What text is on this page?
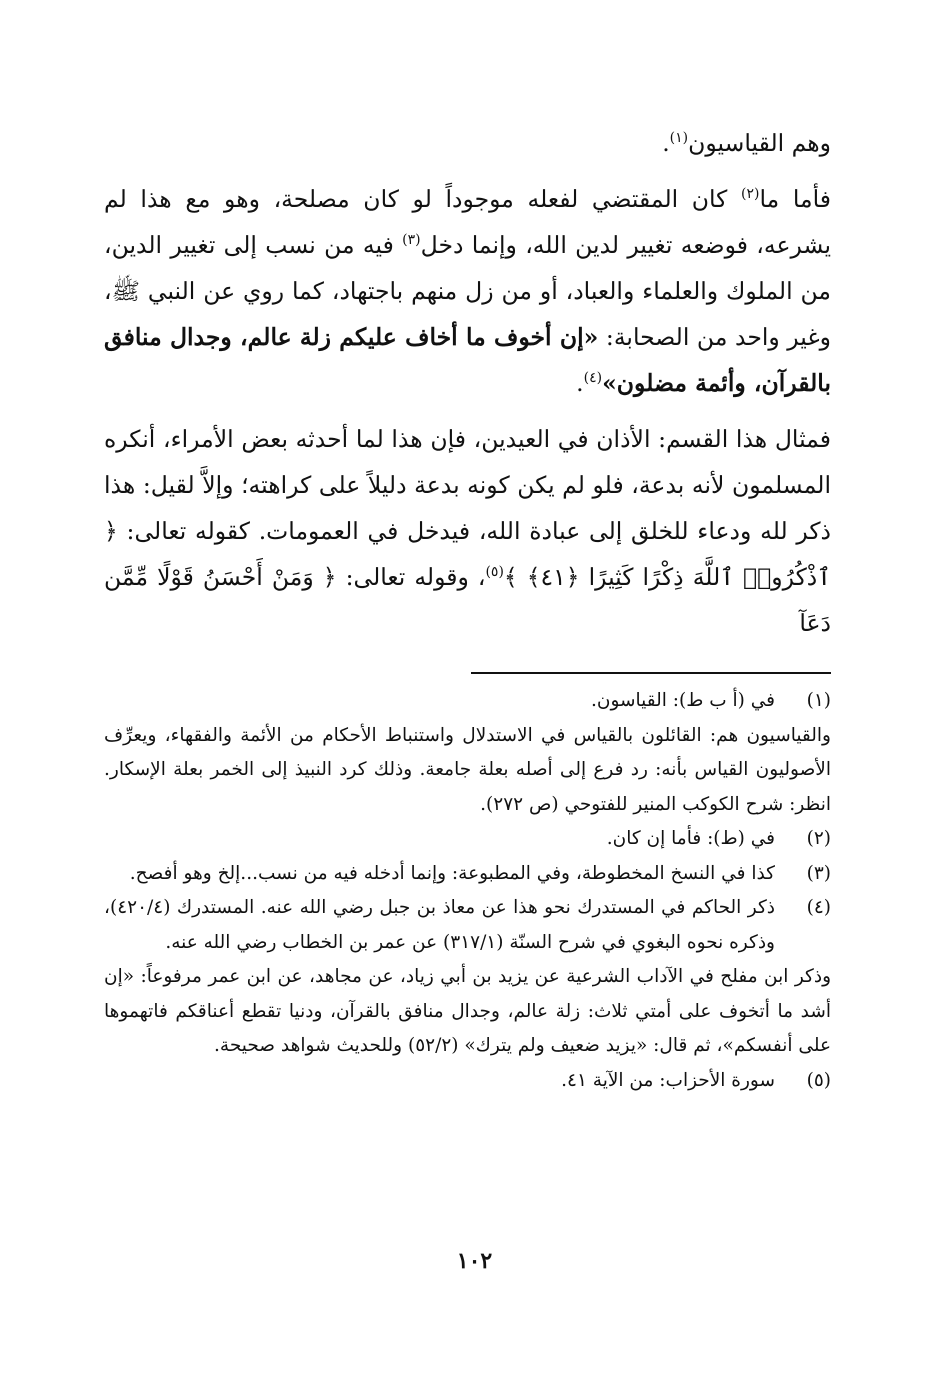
وهم القياسيون$^{(١)}$.

فأما ما$^{(٢)}$ كان المقتضي لفعله موجوداً لو كان مصلحة، وهو مع هذا لم يشرعه، فوضعه تغيير لدين الله، وإنما دخل$^{(٣)}$ فيه من نسب إلى تغيير الدين، من الملوك والعلماء والعباد، أو من زل منهم باجتهاد، كما روي عن النبي ﷺ، وغير واحد من الصحابة: «إن أخوف ما أخاف عليكم زلة عالم، وجدال منافق بالقرآن، وأئمة مضلون»$^{(٤)}$.

فمثال هذا القسم: الأذان في العيدين، فإن هذا لما أحدثه بعض الأمراء، أنكره المسلمون لأنه بدعة، فلو لم يكن كونه بدعة دليلاً على كراهته؛ وإلاَّ لقيل: هذا ذكر لله ودعاء للخلق إلى عبادة الله، فيدخل في العمومات. كقوله تعالى: ﴿ ٱذْكُرُوا۟ ٱللَّهَ ذِكْرًا كَثِيرًا ﴿٤١﴾ ﴾$^{(٥)}$، وقوله تعالى: ﴿ وَمَنْ أَحْسَنُ قَوْلًا مِّمَّن دَعَآ

(١)
في (أ ب ط): القياسون.

والقياسيون هم: القائلون بالقياس في الاستدلال واستنباط الأحكام من الأئمة والفقهاء، ويعرِّف الأصوليون القياس بأنه: رد فرع إلى أصله بعلة جامعة. وذلك كرد النبيذ إلى الخمر بعلة الإسكار. انظر: شرح الكوكب المنير للفتوحي (ص ٢٧٢).

(٢)
في (ط): فأما إن كان.
(٣)
كذا في النسخ المخطوطة، وفي المطبوعة: وإنما أدخله فيه من نسب...إلخ وهو أفصح.
(٤)
ذكر الحاكم في المستدرك نحو هذا عن معاذ بن جبل رضي الله عنه. المستدرك (٤٢٠/٤)، وذكره نحوه البغوي في شرح السنّة (٣١٧/١) عن عمر بن الخطاب رضي الله عنه.

وذكر ابن مفلح في الآداب الشرعية عن يزيد بن أبي زياد، عن مجاهد، عن ابن عمر مرفوعاً: «إن أشد ما أتخوف على أمتي ثلاث: زلة عالم، وجدال منافق بالقرآن، ودنيا تقطع أعناقكم فاتهموها على أنفسكم»، ثم قال: «يزيد ضعيف ولم يترك» (٥٢/٢) وللحديث شواهد صحيحة.

(٥)
سورة الأحزاب: من الآية ٤١.
١٠٢
